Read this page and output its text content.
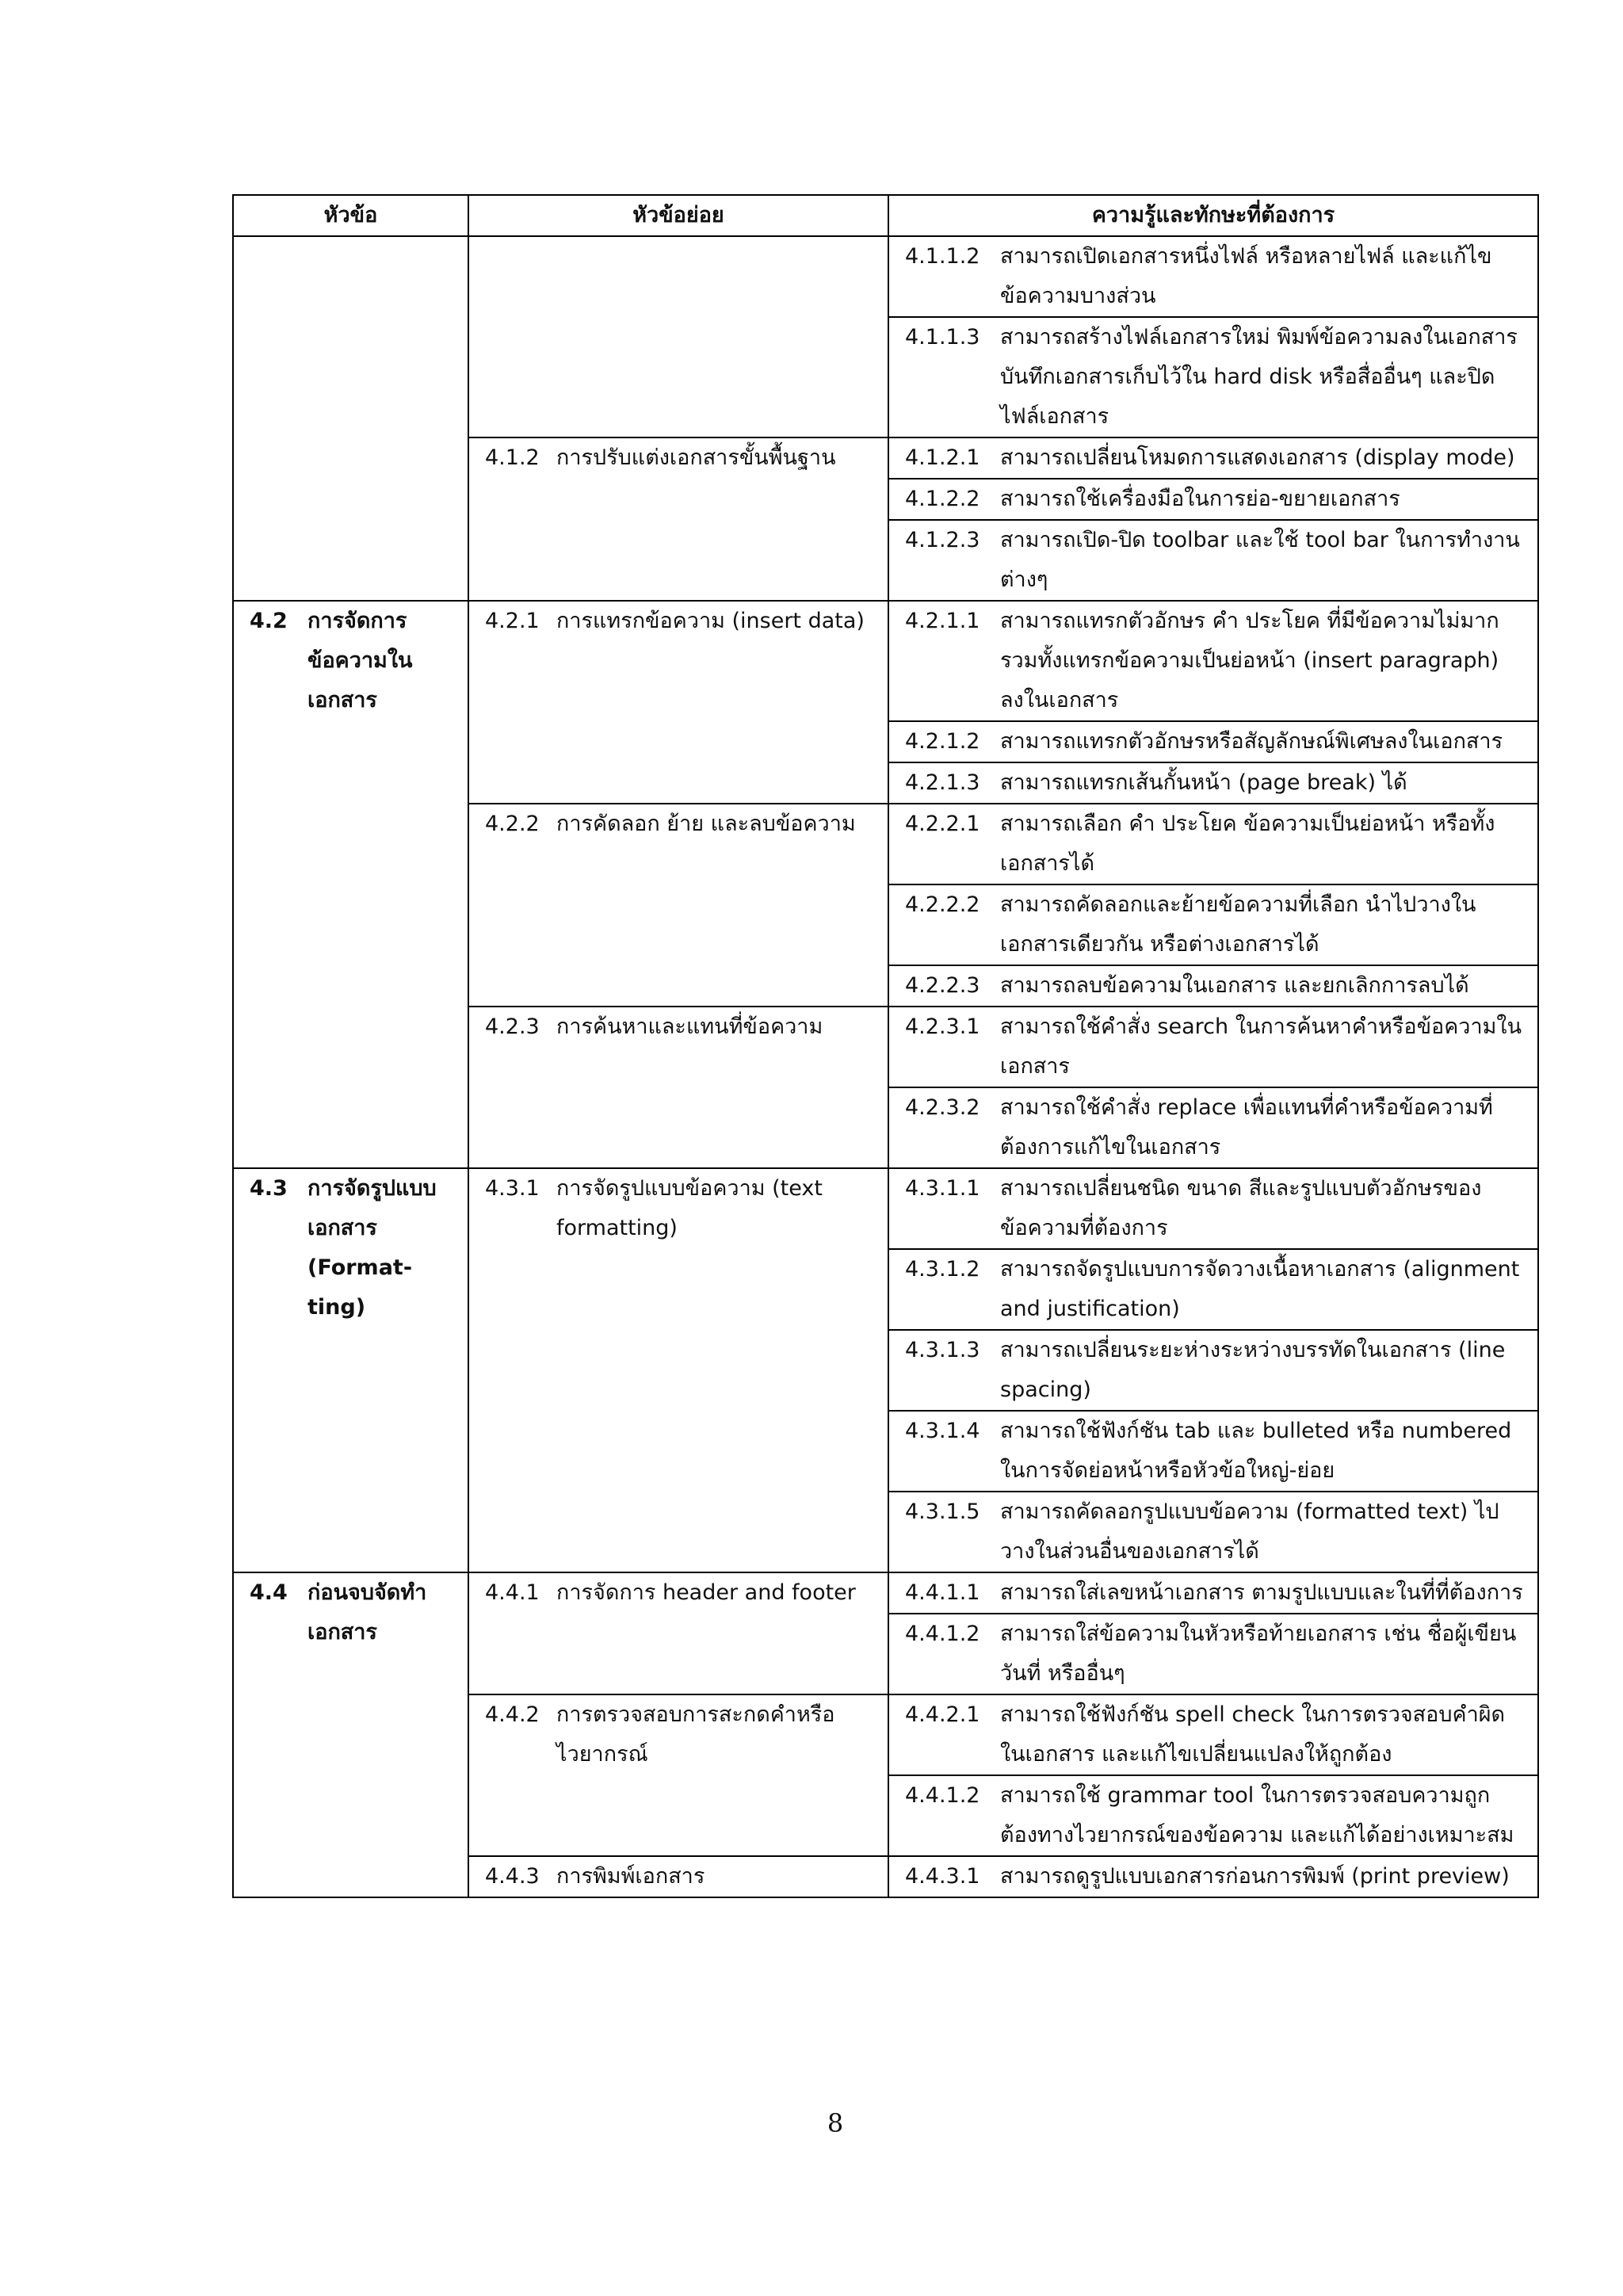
หัวข้อ	หัวข้อย่อย	ความรู้และทักษะที่ต้องการ

		4.1.1.2 สามารถเปิดเอกสารหนึ่งไฟล์ หรือหลายไฟล์ และแก้ไขข้อความบางส่วน

		4.1.1.3 สามารถสร้างไฟล์เอกสารใหม่ พิมพ์ข้อความลงในเอกสาร บันทึกเอกสารเก็บไว้ใน hard disk หรือสื่ออื่นๆ และปิดไฟล์เอกสาร

	4.1.2 การปรับแต่งเอกสารขั้นพื้นฐาน	4.1.2.1 สามารถเปลี่ยนโหมดการแสดงเอกสาร (display mode)

		4.1.2.2 สามารถใช้เครื่องมือในการย่อ-ขยายเอกสาร

		4.1.2.3 สามารถเปิด-ปิด toolbar และใช้ tool bar ในการทำงานต่างๆ

4.2 การจัดการข้อความในเอกสาร	4.2.1 การแทรกข้อความ (insert data)	4.2.1.1 สามารถแทรกตัวอักษร คำ ประโยค ที่มีข้อความไม่มาก รวมทั้งแทรกข้อความเป็นย่อหน้า (insert paragraph) ลงในเอกสาร

		4.2.1.2 สามารถแทรกตัวอักษรหรือสัญลักษณ์พิเศษลงในเอกสาร

		4.2.1.3 สามารถแทรกเส้นกั้นหน้า (page break) ได้

	4.2.2 การคัดลอก ย้าย และลบข้อความ	4.2.2.1 สามารถเลือก คำ ประโยค ข้อความเป็นย่อหน้า หรือทั้งเอกสารได้

		4.2.2.2 สามารถคัดลอกและย้ายข้อความที่เลือก นำไปวางในเอกสารเดียวกัน หรือต่างเอกสารได้

		4.2.2.3 สามารถลบข้อความในเอกสาร และยกเลิกการลบได้

	4.2.3 การค้นหาและแทนที่ข้อความ	4.2.3.1 สามารถใช้คำสั่ง search ในการค้นหาคำหรือข้อความในเอกสาร

		4.2.3.2 สามารถใช้คำสั่ง replace เพื่อแทนที่คำหรือข้อความที่ต้องการแก้ไขในเอกสาร

4.3 การจัดรูปแบบเอกสาร (Format-ting)	4.3.1 การจัดรูปแบบข้อความ (text formatting)	4.3.1.1 สามารถเปลี่ยนชนิด ขนาด สีและรูปแบบตัวอักษรของข้อความที่ต้องการ

		4.3.1.2 สามารถจัดรูปแบบการจัดวางเนื้อหาเอกสาร (alignment and justification)

		4.3.1.3 สามารถเปลี่ยนระยะห่างระหว่างบรรทัดในเอกสาร (line spacing)

		4.3.1.4 สามารถใช้ฟังก์ชัน tab และ bulleted หรือ numbered ในการจัดย่อหน้าหรือหัวข้อใหญ่-ย่อย

		4.3.1.5 สามารถคัดลอกรูปแบบข้อความ (formatted text) ไปวางในส่วนอื่นของเอกสารได้

4.4 ก่อนจบจัดทำเอกสาร	4.4.1 การจัดการ header and footer	4.4.1.1 สามารถใส่เลขหน้าเอกสาร ตามรูปแบบและในที่ที่ต้องการ

		4.4.1.2 สามารถใส่ข้อความในหัวหรือท้ายเอกสาร เช่น ชื่อผู้เขียน วันที่ หรืออื่นๆ

	4.4.2 การตรวจสอบการสะกดคำหรือไวยากรณ์	4.4.2.1 สามารถใช้ฟังก์ชัน spell check ในการตรวจสอบคำผิดในเอกสาร และแก้ไขเปลี่ยนแปลงให้ถูกต้อง

		4.4.1.2 สามารถใช้ grammar tool ในการตรวจสอบความถูกต้องทางไวยากรณ์ของข้อความ และแก้ได้อย่างเหมาะสม

	4.4.3 การพิมพ์เอกสาร	4.4.3.1 สามารถดูรูปแบบเอกสารก่อนการพิมพ์ (print preview)
8
